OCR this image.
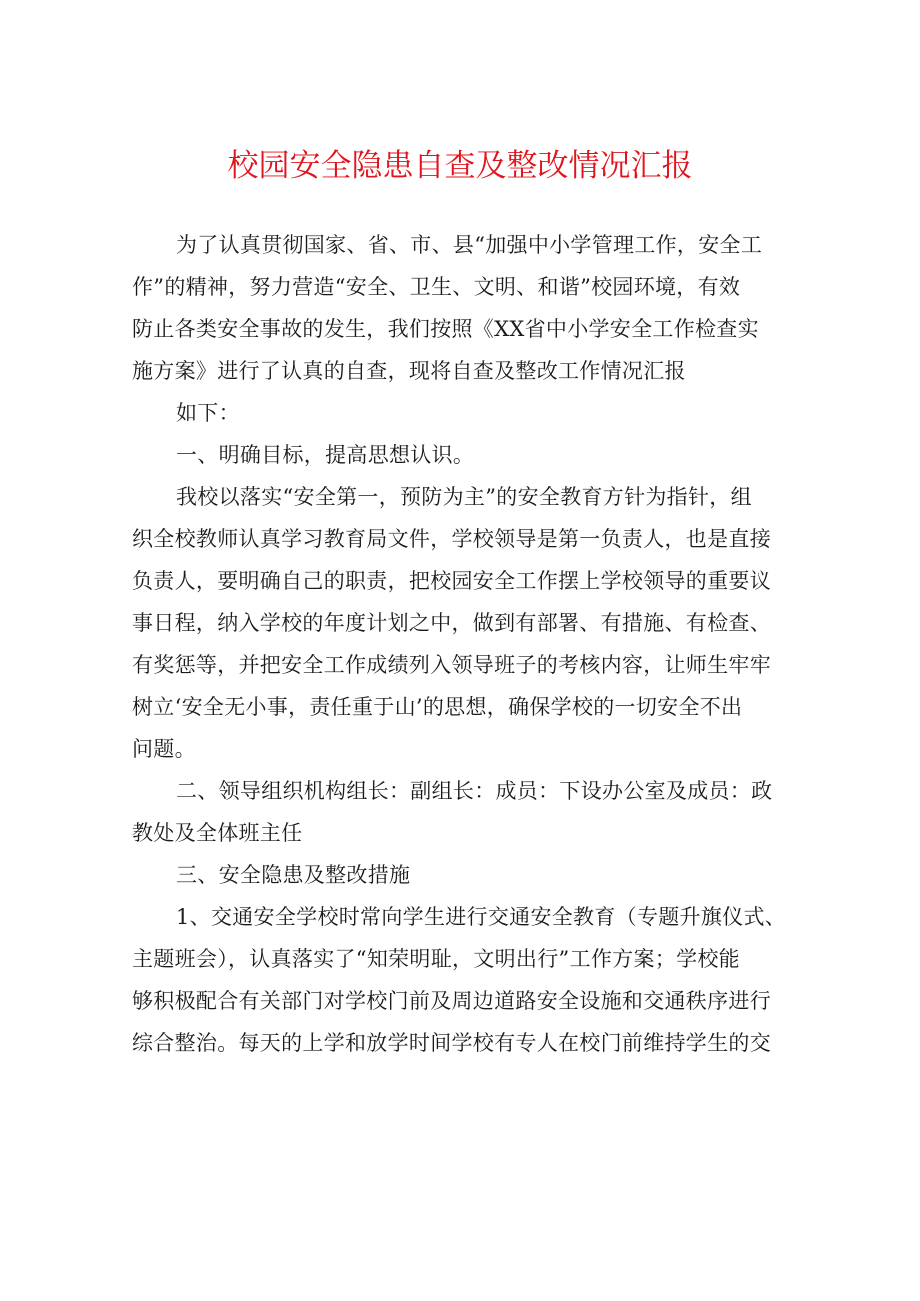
校园安全隐患自查及整改情况汇报

为了认真贯彻国家、省、市、县“加强中小学管理工作，安全工

作”的精神，努力营造“安全、卫生、文明、和谐”校园环境，有效

防止各类安全事故的发生，我们按照《XX省中小学安全工作检查实

施方案》进行了认真的自查，现将自查及整改工作情况汇报

如下：

一、明确目标，提高思想认识。

我校以落实“安全第一，预防为主”的安全教育方针为指针，组

织全校教师认真学习教育局文件，学校领导是第一负责人，也是直接

负责人，要明确自己的职责，把校园安全工作摆上学校领导的重要议

事日程，纳入学校的年度计划之中，做到有部署、有措施、有检查、

有奖惩等，并把安全工作成绩列入领导班子的考核内容，让师生牢牢

树立‘安全无小事，责任重于山’的思想，确保学校的一切安全不出

问题。

二、领导组织机构组长：副组长：成员：下设办公室及成员：政

教处及全体班主任

三、安全隐患及整改措施

1、交通安全学校时常向学生进行交通安全教育（专题升旗仪式、

主题班会），认真落实了“知荣明耻，文明出行”工作方案；学校能

够积极配合有关部门对学校门前及周边道路安全设施和交通秩序进行

综合整治。每天的上学和放学时间学校有专人在校门前维持学生的交
